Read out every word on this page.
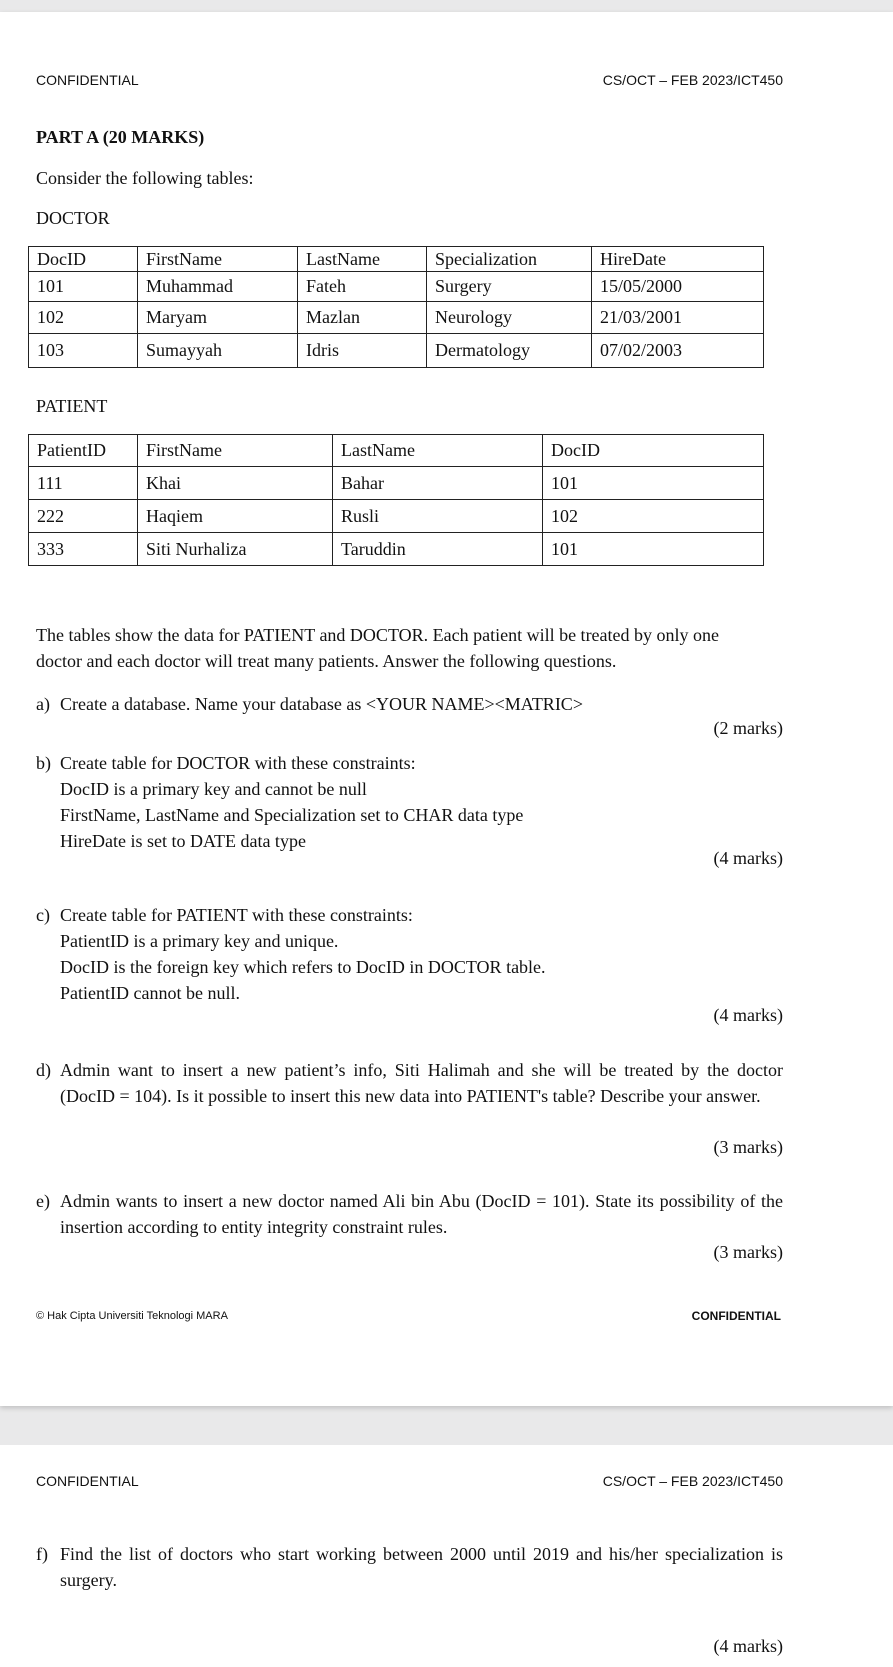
CONFIDENTIAL	CS/OCT – FEB 2023/ICT450
PART A (20 MARKS)
Consider the following tables:
DOCTOR
DocID	FirstName	LastName	Specialization	HireDate
101	Muhammad	Fateh	Surgery	15/05/2000
102	Maryam	Mazlan	Neurology	21/03/2001
103	Sumayyah	Idris	Dermatology	07/02/2003
PATIENT
PatientID	FirstName	LastName	DocID
111	Khai	Bahar	101
222	Haqiem	Rusli	102
333	Siti Nurhaliza	Taruddin	101
The tables show the data for PATIENT and DOCTOR. Each patient will be treated by only one doctor and each doctor will treat many patients. Answer the following questions.
a) Create a database. Name your database as <YOUR NAME><MATRIC>
(2 marks)
b) Create table for DOCTOR with these constraints:
DocID is a primary key and cannot be null
FirstName, LastName and Specialization set to CHAR data type
HireDate is set to DATE data type
(4 marks)
c) Create table for PATIENT with these constraints:
PatientID is a primary key and unique.
DocID is the foreign key which refers to DocID in DOCTOR table.
PatientID cannot be null.
(4 marks)
d) Admin want to insert a new patient’s info, Siti Halimah and she will be treated by the doctor (DocID = 104). Is it possible to insert this new data into PATIENT's table? Describe your answer.
(3 marks)
e) Admin wants to insert a new doctor named Ali bin Abu (DocID = 101). State its possibility of the insertion according to entity integrity constraint rules.
(3 marks)
© Hak Cipta Universiti Teknologi MARA	CONFIDENTIAL
CONFIDENTIAL	CS/OCT – FEB 2023/ICT450
f) Find the list of doctors who start working between 2000 until 2019 and his/her specialization is surgery.
(4 marks)
